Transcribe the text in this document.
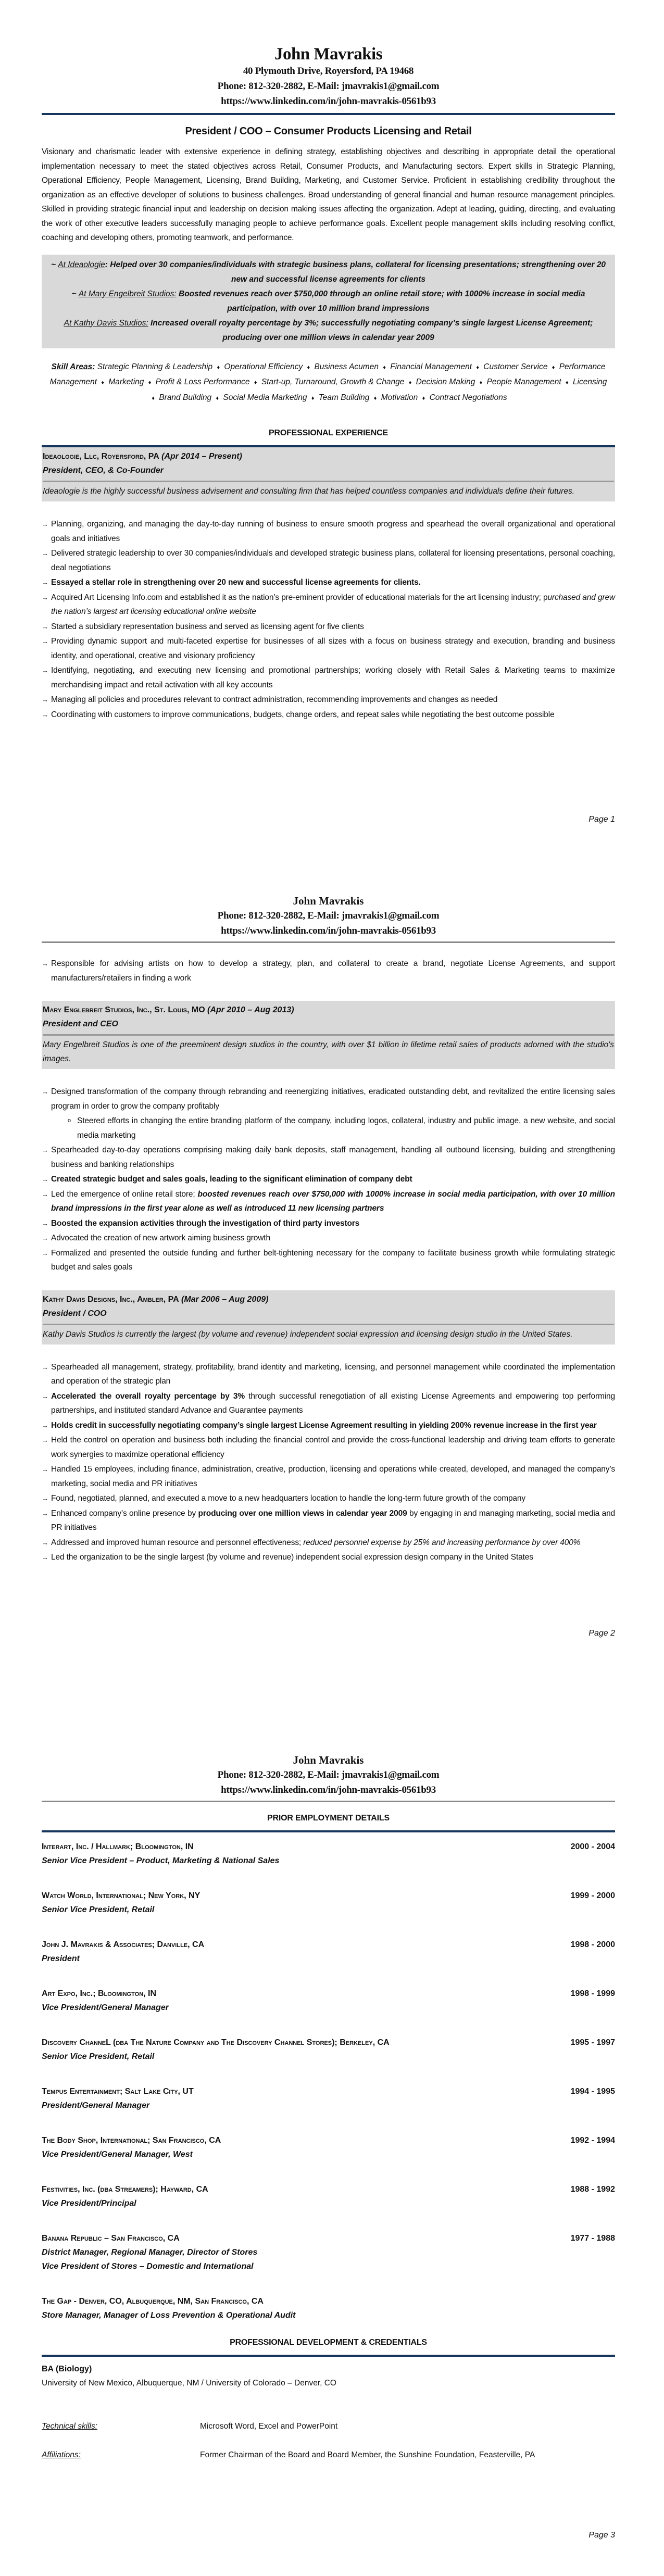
John Mavrakis
40 Plymouth Drive, Royersford, PA 19468
Phone: 812-320-2882, E-Mail: jmavrakis1@gmail.com
https://www.linkedin.com/in/john-mavrakis-0561b93
President / COO – Consumer Products Licensing and Retail
Visionary and charismatic leader with extensive experience in defining strategy, establishing objectives and describing in appropriate detail the operational implementation necessary to meet the stated objectives across Retail, Consumer Products, and Manufacturing sectors. Expert skills in Strategic Planning, Operational Efficiency, People Management, Licensing, Brand Building, Marketing, and Customer Service. Proficient in establishing credibility throughout the organization as an effective developer of solutions to business challenges. Broad understanding of general financial and human resource management principles. Skilled in providing strategic financial input and leadership on decision making issues affecting the organization. Adept at leading, guiding, directing, and evaluating the work of other executive leaders successfully managing people to achieve performance goals. Excellent people management skills including resolving conflict, coaching and developing others, promoting teamwork, and performance.
~ At Ideaologie: Helped over 30 companies/individuals with strategic business plans, collateral for licensing presentations; strengthening over 20 new and successful license agreements for clients
~ At Mary Engelbreit Studios: Boosted revenues reach over $750,000 through an online retail store; with 1000% increase in social media participation, with over 10 million brand impressions
At Kathy Davis Studios: Increased overall royalty percentage by 3%; successfully negotiating company’s single largest License Agreement; producing over one million views in calendar year 2009
Skill Areas: Strategic Planning & Leadership ♦ Operational Efficiency ♦ Business Acumen ♦ Financial Management ♦ Customer Service ♦ Performance Management ♦ Marketing ♦ Profit & Loss Performance ♦ Start-up, Turnaround, Growth & Change ♦ Decision Making ♦ People Management ♦ Licensing ♦ Brand Building ♦ Social Media Marketing ♦ Team Building ♦ Motivation ♦ Contract Negotiations
PROFESSIONAL EXPERIENCE
Ideaologie, Llc, Royersford, PA (Apr 2014 – Present)
President, CEO, & Co-Founder
Ideaologie is the highly successful business advisement and consulting firm that has helped countless companies and individuals define their futures.
→ Planning, organizing, and managing the day-to-day running of business to ensure smooth progress and spearhead the overall organizational and operational goals and initiatives
→ Delivered strategic leadership to over 30 companies/individuals and developed strategic business plans, collateral for licensing presentations, personal coaching, deal negotiations
→ Essayed a stellar role in strengthening over 20 new and successful license agreements for clients.
→ Acquired Art Licensing Info.com and established it as the nation’s pre-eminent provider of educational materials for the art licensing industry; purchased and grew the nation’s largest art licensing educational online website
→ Started a subsidiary representation business and served as licensing agent for five clients
→ Providing dynamic support and multi-faceted expertise for businesses of all sizes with a focus on business strategy and execution, branding and business identity, and operational, creative and visionary proficiency
→ Identifying, negotiating, and executing new licensing and promotional partnerships; working closely with Retail Sales & Marketing teams to maximize merchandising impact and retail activation with all key accounts
→ Managing all policies and procedures relevant to contract administration, recommending improvements and changes as needed
→ Coordinating with customers to improve communications, budgets, change orders, and repeat sales while negotiating the best outcome possible
Page 1
John Mavrakis
Phone: 812-320-2882, E-Mail: jmavrakis1@gmail.com
https://www.linkedin.com/in/john-mavrakis-0561b93
→ Responsible for advising artists on how to develop a strategy, plan, and collateral to create a brand, negotiate License Agreements, and support manufacturers/retailers in finding a work
Mary Englebreit Studios, Inc., St. Louis, MO (Apr 2010 – Aug 2013)
President and CEO
Mary Engelbreit Studios is one of the preeminent design studios in the country, with over $1 billion in lifetime retail sales of products adorned with the studio's images.
→ Designed transformation of the company through rebranding and reenergizing initiatives, eradicated outstanding debt, and revitalized the entire licensing sales program in order to grow the company profitably
o Steered efforts in changing the entire branding platform of the company, including logos, collateral, industry and public image, a new website, and social media marketing
→ Spearheaded day-to-day operations comprising making daily bank deposits, staff management, handling all outbound licensing, building and strengthening business and banking relationships
→ Created strategic budget and sales goals, leading to the significant elimination of company debt
→ Led the emergence of online retail store; boosted revenues reach over $750,000 with 1000% increase in social media participation, with over 10 million brand impressions in the first year alone as well as introduced 11 new licensing partners
→ Boosted the expansion activities through the investigation of third party investors
→ Advocated the creation of new artwork aiming business growth
→ Formalized and presented the outside funding and further belt-tightening necessary for the company to facilitate business growth while formulating strategic budget and sales goals
Kathy Davis Designs, Inc., Ambler, PA (Mar 2006 – Aug 2009)
President / COO
Kathy Davis Studios is currently the largest (by volume and revenue) independent social expression and licensing design studio in the United States.
→ Spearheaded all management, strategy, profitability, brand identity and marketing, licensing, and personnel management while coordinated the implementation and operation of the strategic plan
→ Accelerated the overall royalty percentage by 3% through successful renegotiation of all existing License Agreements and empowering top performing partnerships, and instituted standard Advance and Guarantee payments
→ Holds credit in successfully negotiating company’s single largest License Agreement resulting in yielding 200% revenue increase in the first year
→ Held the control on operation and business both including the financial control and provide the cross-functional leadership and driving team efforts to generate work synergies to maximize operational efficiency
→ Handled 15 employees, including finance, administration, creative, production, licensing and operations while created, developed, and managed the company’s marketing, social media and PR initiatives
→ Found, negotiated, planned, and executed a move to a new headquarters location to handle the long-term future growth of the company
→ Enhanced company’s online presence by producing over one million views in calendar year 2009 by engaging in and managing marketing, social media and PR initiatives
→ Addressed and improved human resource and personnel effectiveness; reduced personnel expense by 25% and increasing performance by over 400%
→ Led the organization to be the single largest (by volume and revenue) independent social expression design company in the United States
Page 2
John Mavrakis
Phone: 812-320-2882, E-Mail: jmavrakis1@gmail.com
https://www.linkedin.com/in/john-mavrakis-0561b93
PRIOR EMPLOYMENT DETAILS
Interart, Inc. / Hallmark; Bloomington, IN	2000 - 2004
Senior Vice President – Product, Marketing & National Sales
Watch World, International; New York, NY	1999 - 2000
Senior Vice President, Retail
John J. Mavrakis & Associates; Danville, CA	1998 - 2000
President
Art Expo, Inc.; Bloomington, IN	1998 - 1999
Vice President/General Manager
Discovery ChanneL (dba The Nature Company and The Discovery Channel Stores); Berkeley, CA	1995 - 1997
Senior Vice President, Retail
Tempus Entertainment; Salt Lake City, UT	1994 - 1995
President/General Manager
The Body Shop, International; San Francisco, CA	1992 - 1994
Vice President/General Manager, West
Festivities, Inc. (dba Streamers); Hayward, CA	1988 - 1992
Vice President/Principal
Banana Republic – San Francisco, CA	1977 - 1988
District Manager, Regional Manager, Director of Stores
Vice President of Stores – Domestic and International
The Gap - Denver, CO, Albuquerque, NM, San Francisco, CA
Store Manager, Manager of Loss Prevention & Operational Audit
PROFESSIONAL DEVELOPMENT & CREDENTIALS
BA (Biology)
University of New Mexico, Albuquerque, NM / University of Colorado – Denver, CO
Technical skills:	Microsoft Word, Excel and PowerPoint
Affiliations:	Former Chairman of the Board and Board Member, the Sunshine Foundation, Feasterville, PA
Page 3
